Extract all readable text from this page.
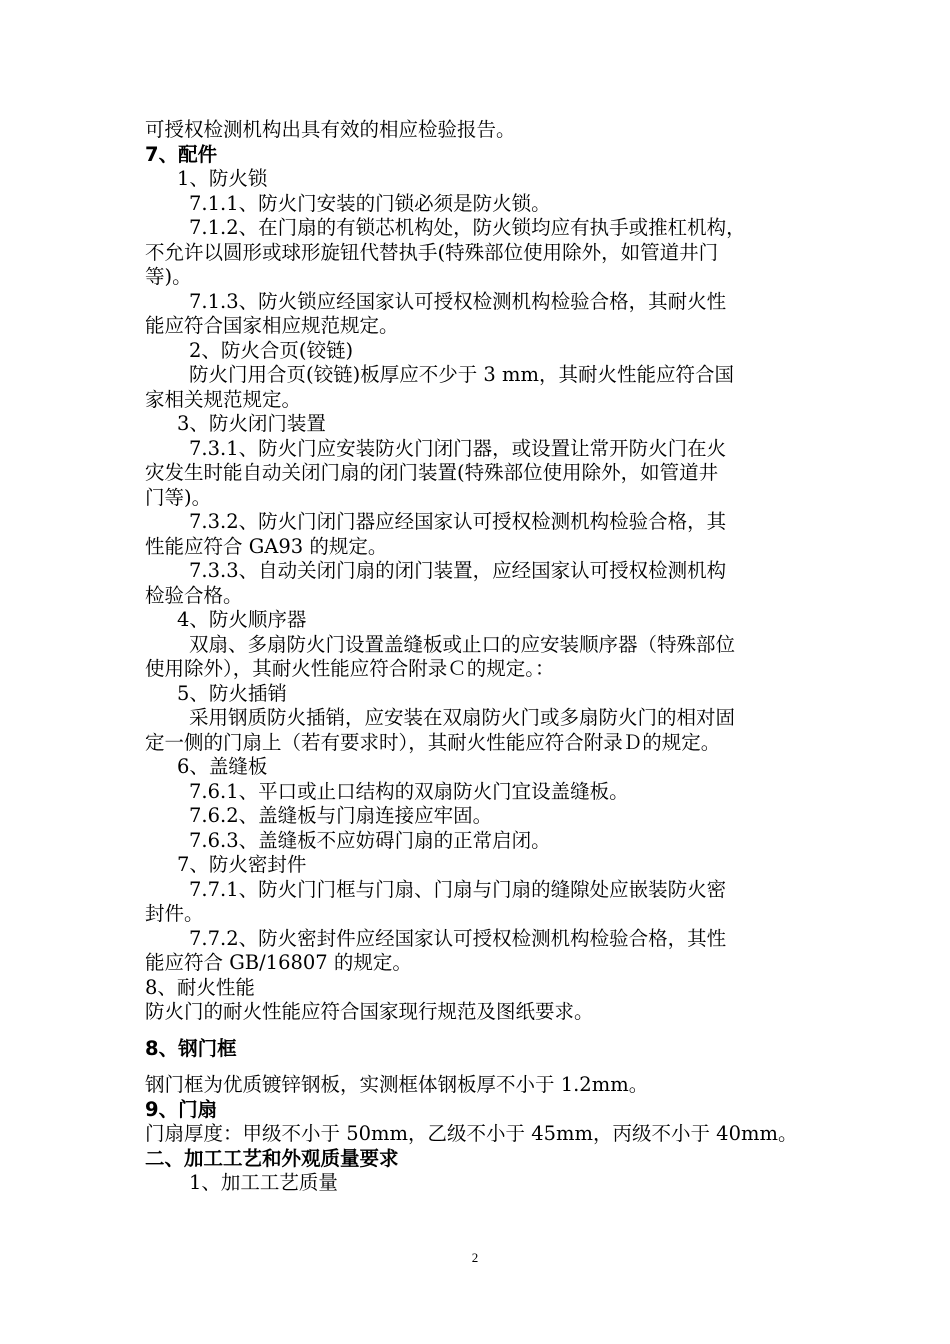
可授权检测机构出具有效的相应检验报告。

7、配件

1、防火锁

7.1.1、防火门安装的门锁必须是防火锁。

7.1.2、在门扇的有锁芯机构处，防火锁均应有执手或推杠机构，

不允许以圆形或球形旋钮代替执手(特殊部位使用除外，如管道井门

等)。

7.1.3、防火锁应经国家认可授权检测机构检验合格，其耐火性

能应符合国家相应规范规定。

2、防火合页(铰链)

防火门用合页(铰链)板厚应不少于 3 mm，其耐火性能应符合国

家相关规范规定。

3、防火闭门装置

7.3.1、防火门应安装防火门闭门器，或设置让常开防火门在火

灾发生时能自动关闭门扇的闭门装置(特殊部位使用除外，如管道井

门等)。

7.3.2、防火门闭门器应经国家认可授权检测机构检验合格，其

性能应符合 GA93 的规定。

7.3.3、自动关闭门扇的闭门装置，应经国家认可授权检测机构

检验合格。

4、防火顺序器

双扇、多扇防火门设置盖缝板或止口的应安装顺序器（特殊部位

使用除外），其耐火性能应符合附录Ｃ的规定。：

5、防火插销

采用钢质防火插销，应安装在双扇防火门或多扇防火门的相对固

定一侧的门扇上（若有要求时），其耐火性能应符合附录Ｄ的规定。

6、盖缝板

7.6.1、平口或止口结构的双扇防火门宜设盖缝板。

7.6.2、盖缝板与门扇连接应牢固。

7.6.3、盖缝板不应妨碍门扇的正常启闭。

7、防火密封件

7.7.1、防火门门框与门扇、门扇与门扇的缝隙处应嵌装防火密

封件。

7.7.2、防火密封件应经国家认可授权检测机构检验合格，其性

能应符合 GB/16807 的规定。

8、耐火性能

防火门的耐火性能应符合国家现行规范及图纸要求。

8、钢门框

钢门框为优质镀锌钢板，实测框体钢板厚不小于 1.2mm。

9、门扇

门扇厚度：甲级不小于 50mm，乙级不小于 45mm，丙级不小于 40mm。

二、加工工艺和外观质量要求

1、加工工艺质量

2
